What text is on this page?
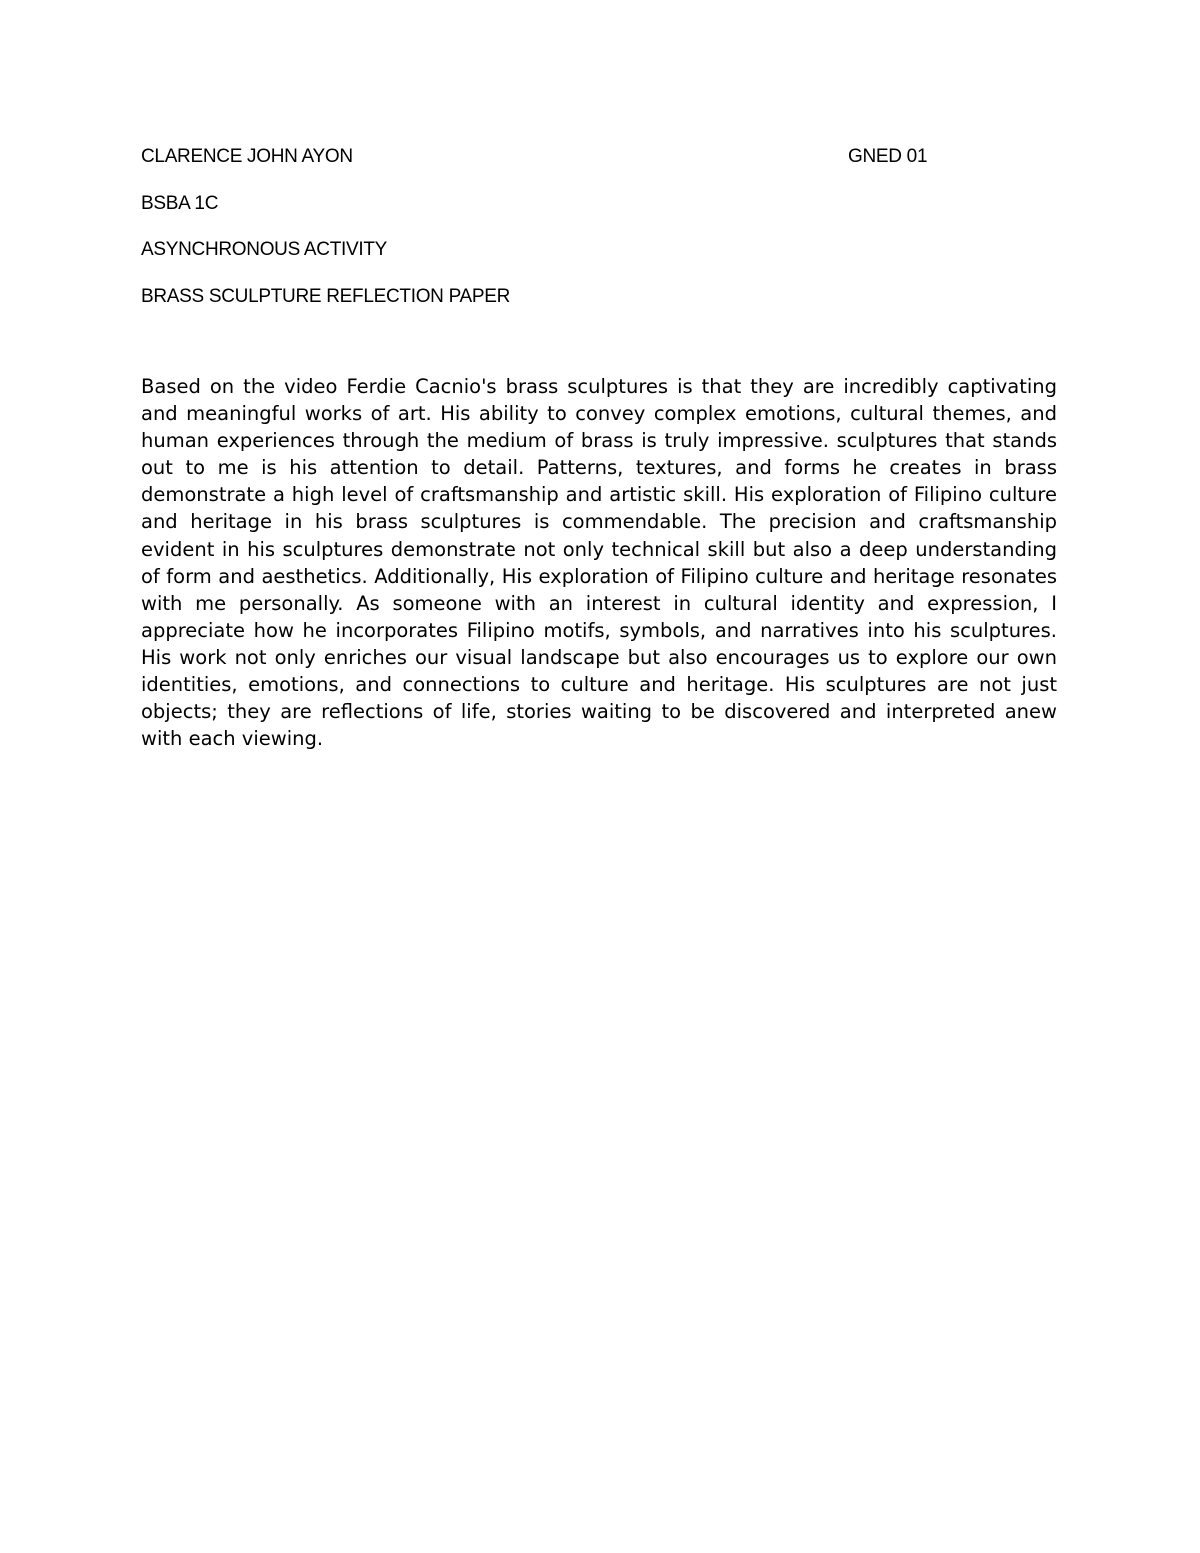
CLARENCE JOHN AYON	GNED 01
BSBA 1C
ASYNCHRONOUS ACTIVITY
BRASS SCULPTURE REFLECTION PAPER

Based on the video Ferdie Cacnio's brass sculptures is that they are incredibly captivating and meaningful works of art. His ability to convey complex emotions, cultural themes, and human experiences through the medium of brass is truly impressive. sculptures that stands out to me is his attention to detail. Patterns, textures, and forms he creates in brass demonstrate a high level of craftsmanship and artistic skill. His exploration of Filipino culture and heritage in his brass sculptures is commendable. The precision and craftsmanship evident in his sculptures demonstrate not only technical skill but also a deep understanding of form and aesthetics. Additionally, His exploration of Filipino culture and heritage resonates with me personally. As someone with an interest in cultural identity and expression, I appreciate how he incorporates Filipino motifs, symbols, and narratives into his sculptures. His work not only enriches our visual landscape but also encourages us to explore our own identities, emotions, and connections to culture and heritage. His sculptures are not just objects; they are reflections of life, stories waiting to be discovered and interpreted anew with each viewing.
